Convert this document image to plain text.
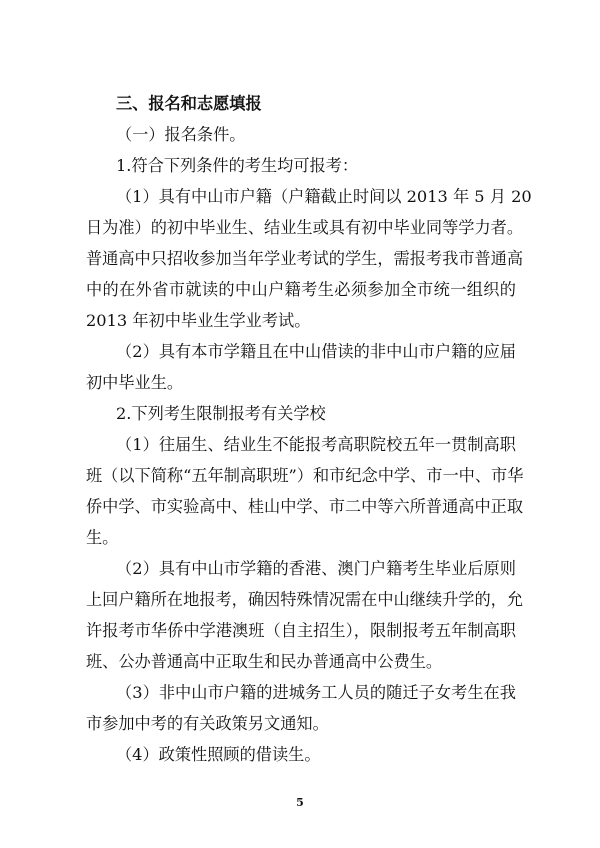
三、报名和志愿填报
（一）报名条件。
1.符合下列条件的考生均可报考：
（1）具有中山市户籍（户籍截止时间以 2013 年 5 月 20
日为准）的初中毕业生、结业生或具有初中毕业同等学力者。
普通高中只招收参加当年学业考试的学生，需报考我市普通高
中的在外省市就读的中山户籍考生必须参加全市统一组织的
2013 年初中毕业生学业考试。
（2）具有本市学籍且在中山借读的非中山市户籍的应届
初中毕业生。
2.下列考生限制报考有关学校
（1）往届生、结业生不能报考高职院校五年一贯制高职
班（以下简称“五年制高职班”）和市纪念中学、市一中、市华
侨中学、市实验高中、桂山中学、市二中等六所普通高中正取
生。
（2）具有中山市学籍的香港、澳门户籍考生毕业后原则
上回户籍所在地报考，确因特殊情况需在中山继续升学的，允
许报考市华侨中学港澳班（自主招生），限制报考五年制高职
班、公办普通高中正取生和民办普通高中公费生。
（3）非中山市户籍的进城务工人员的随迁子女考生在我
市参加中考的有关政策另文通知。
（4）政策性照顾的借读生。
5
